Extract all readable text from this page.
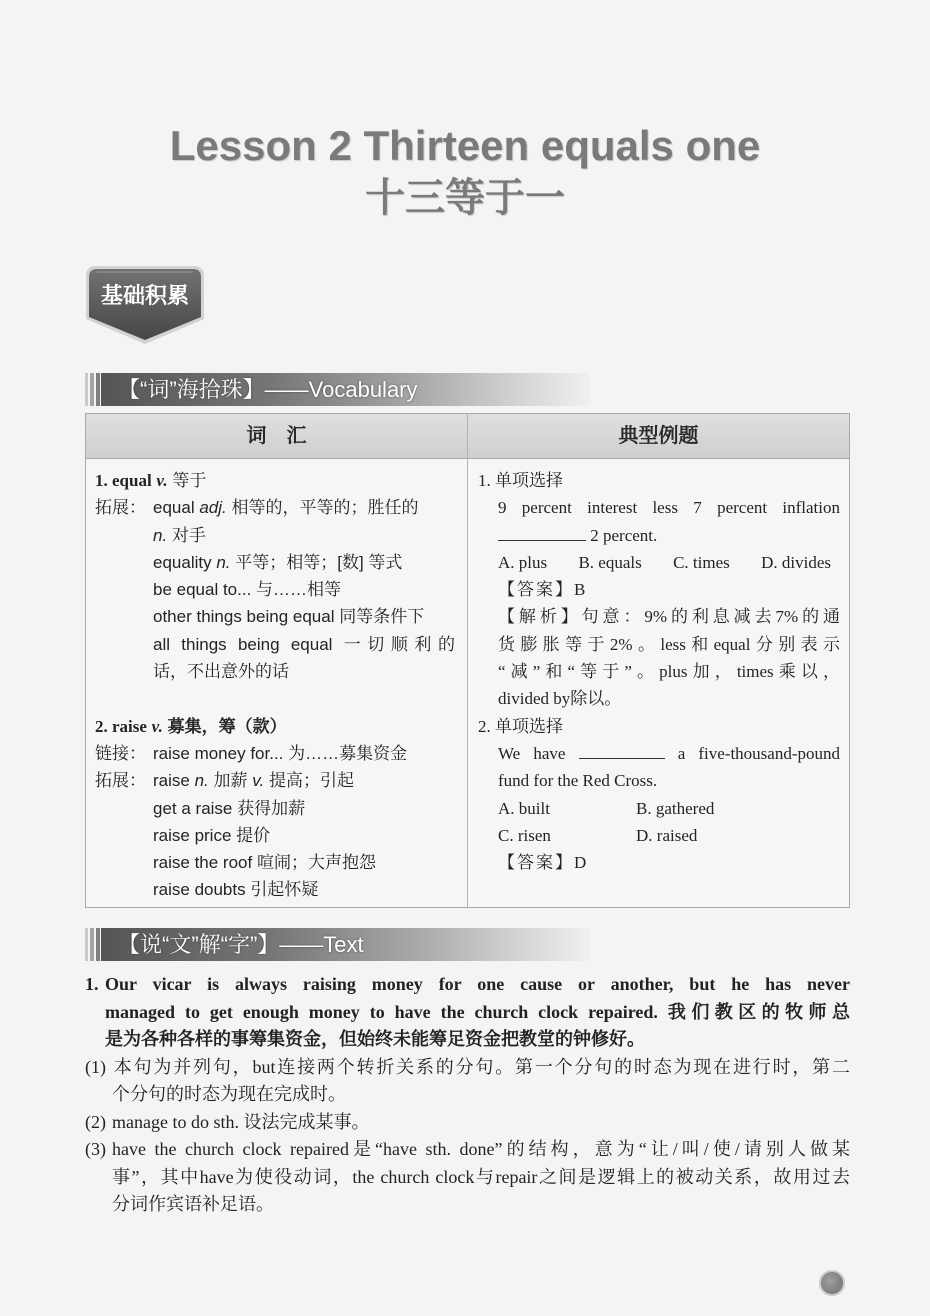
Lesson 2 Thirteen equals one
十三等于一
基础积累
【“词”海拾珠】——Vocabulary
词　汇	典型例题
1. equal v. 等于
拓展： equal adj. 相等的，平等的；胜任的
n. 对手
equality n. 平等；相等；[数] 等式
be equal to... 与……相等
other things being equal 同等条件下
all things being equal 一切顺利的
话，不出意外的话
2. raise v. 募集，筹（款）
链接： raise money for... 为……募集资金
拓展： raise n. 加薪 v. 提高；引起
get a raise 获得加薪
raise price 提价
raise the roof 喧闹；大声抱怨
raise doubts 引起怀疑
1. 单项选择
9 percent interest less 7 percent inflation
2 percent.
A. plus B. equals C. times D. divides
【答案】B
【解析】句意：9%的利息减去7%的通
货膨胀等于2%。less和equal分别表示
“减”和“等于”。plus加，times乘以，
divided by除以。
2. 单项选择
We have	a five-thousand-pound
fund for the Red Cross.
A. built	B. gathered
C. risen	D. raised
【答案】D
【说“文”解“字”】——Text
1. Our vicar is always raising money for one cause or another, but he has never
managed to get enough money to have the church clock repaired. 我们教区的牧师总
是为各种各样的事筹集资金，但始终未能筹足资金把教堂的钟修好。
(1) 本句为并列句，but连接两个转折关系的分句。第一个分句的时态为现在进行时，第二
个分句的时态为现在完成时。
(2) manage to do sth. 设法完成某事。
(3) have the church clock repaired是“have sth. done”的结构，意为“让/叫/使/请别人做某
事”，其中have为使役动词，the church clock与repair之间是逻辑上的被动关系，故用过去
分词作宾语补足语。
